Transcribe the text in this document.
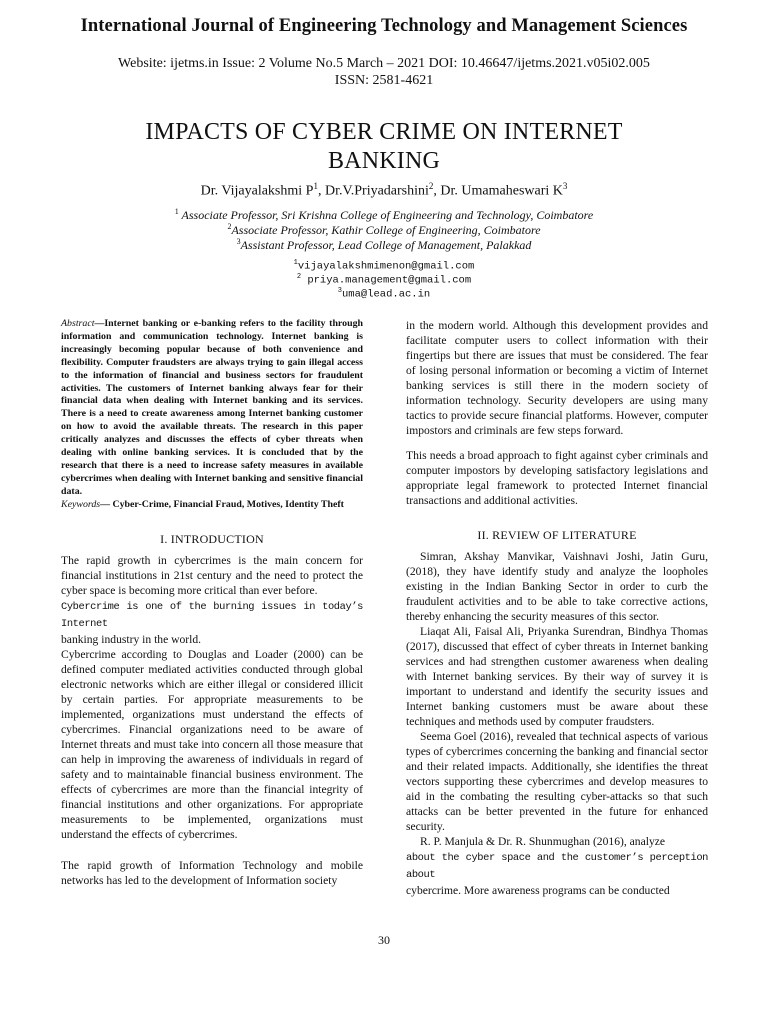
International Journal of Engineering Technology and Management Sciences
Website: ijetms.in Issue: 2 Volume No.5 March – 2021 DOI: 10.46647/ijetms.2021.v05i02.005
ISSN: 2581-4621
IMPACTS OF CYBER CRIME ON INTERNET BANKING
Dr. Vijayalakshmi $P^1$, Dr.V.Priyadarshini$^2$, Dr. Umamaheswari $K^3$
$^1$ Associate Professor, Sri Krishna College of Engineering and Technology, Coimbatore
$^2$Associate Professor, Kathir College of Engineering, Coimbatore
$^3$Assistant Professor, Lead College of Management, Palakkad
$^1$vijayalakshmimenon@gmail.com
$^2$ priya.management@gmail.com
$^3$uma@lead.ac.in

Abstract—Internet banking or e-banking refers to the facility through information and communication technology. Internet banking is increasingly becoming popular because of both convenience and flexibility. Computer fraudsters are always trying to gain illegal access to the information of financial and business sectors for fraudulent activities. The customers of Internet banking always fear for their financial data when dealing with Internet banking and its services. There is a need to create awareness among Internet banking customer on how to avoid the available threats. The research in this paper critically analyzes and discusses the effects of cyber threats when dealing with online banking services. It is concluded that by the research that there is a need to increase safety measures in available cybercrimes when dealing with Internet banking and sensitive financial data.

Keywords— Cyber-Crime, Financial Fraud, Motives, Identity Theft

I. INTRODUCTION

The rapid growth in cybercrimes is the main concern for financial institutions in 21st century and the need to protect the cyber space is becoming more critical than ever before.
Cybercrime is one of the burning issues in today’s Internet
banking industry in the world.

Cybercrime according to Douglas and Loader (2000) can be defined computer mediated activities conducted through global electronic networks which are either illegal or considered illicit by certain parties. For appropriate measurements to be implemented, organizations must understand the effects of cybercrimes. Financial organizations need to be aware of Internet threats and must take into concern all those measure that can help in improving the awareness of individuals in regard of safety and to maintainable financial business environment. The effects of cybercrimes are more than the financial integrity of financial institutions and other organizations. For appropriate measurements to be implemented, organizations must understand the effects of cybercrimes.

The rapid growth of Information Technology and mobile networks has led to the development of Information society

in the modern world. Although this development provides and facilitate computer users to collect information with their fingertips but there are issues that must be considered. The fear of losing personal information or becoming a victim of Internet banking services is still there in the modern society of information technology. Security developers are using many tactics to provide secure financial platforms. However, computer impostors and criminals are few steps forward.

This needs a broad approach to fight against cyber criminals and computer impostors by developing satisfactory legislations and appropriate legal framework to protected Internet financial transactions and additional activities.

II. REVIEW OF LITERATURE

Simran, Akshay Manvikar, Vaishnavi Joshi, Jatin Guru, (2018), they have identify study and analyze the loopholes existing in the Indian Banking Sector in order to curb the fraudulent activities and to be able to take corrective actions, thereby enhancing the security measures of this sector.

Liaqat Ali, Faisal Ali, Priyanka Surendran, Bindhya Thomas (2017), discussed that effect of cyber threats in Internet banking services and had strengthen customer awareness when dealing with Internet banking services. By their way of survey it is important to understand and identify the security issues and Internet banking customers must be aware about these techniques and methods used by computer fraudsters.

Seema Goel (2016), revealed that technical aspects of various types of cybercrimes concerning the banking and financial sector and their related impacts. Additionally, she identifies the threat vectors supporting these cybercrimes and develop measures to aid in the combating the resulting cyber-attacks so that such attacks can be better prevented in the future for enhanced security.

R. P. Manjula & Dr. R. Shunmughan (2016), analyze
about the cyber space and the customer’s perception about
cybercrime. More awareness programs can be conducted

30
